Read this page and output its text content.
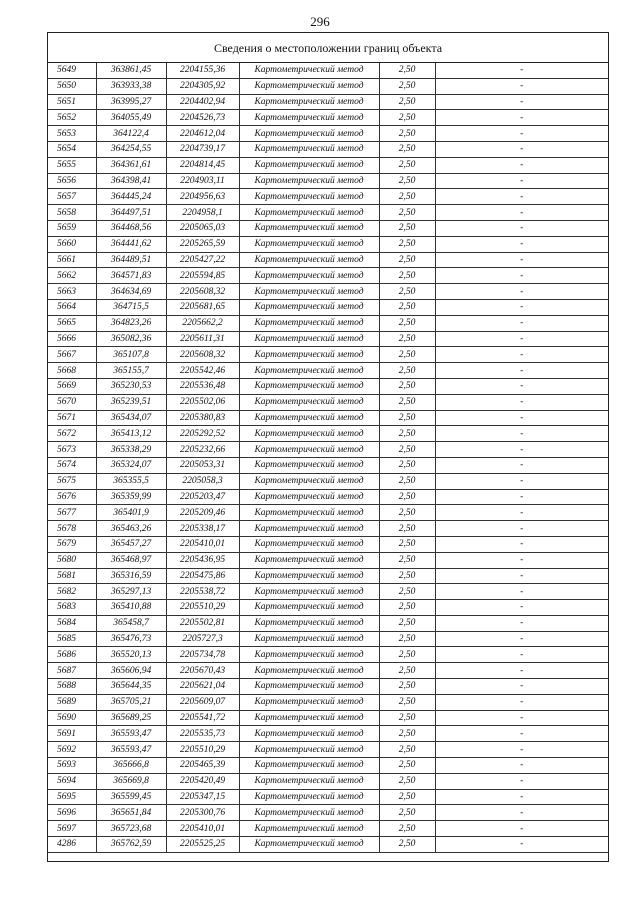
296
Сведения о местоположении границ объекта
5649	363861,45	2204155,36	Картометрический метод	2,50	-
5650	363933,38	2204305,92	Картометрический метод	2,50	-
5651	363995,27	2204402,94	Картометрический метод	2,50	-
5652	364055,49	2204526,73	Картометрический метод	2,50	-
5653	364122,4	2204612,04	Картометрический метод	2,50	-
5654	364254,55	2204739,17	Картометрический метод	2,50	-
5655	364361,61	2204814,45	Картометрический метод	2,50	-
5656	364398,41	2204903,11	Картометрический метод	2,50	-
5657	364445,24	2204956,63	Картометрический метод	2,50	-
5658	364497,51	2204958,1	Картометрический метод	2,50	-
5659	364468,56	2205065,03	Картометрический метод	2,50	-
5660	364441,62	2205265,59	Картометрический метод	2,50	-
5661	364489,51	2205427,22	Картометрический метод	2,50	-
5662	364571,83	2205594,85	Картометрический метод	2,50	-
5663	364634,69	2205608,32	Картометрический метод	2,50	-
5664	364715,5	2205681,65	Картометрический метод	2,50	-
5665	364823,26	2205662,2	Картометрический метод	2,50	-
5666	365082,36	2205611,31	Картометрический метод	2,50	-
5667	365107,8	2205608,32	Картометрический метод	2,50	-
5668	365155,7	2205542,46	Картометрический метод	2,50	-
5669	365230,53	2205536,48	Картометрический метод	2,50	-
5670	365239,51	2205502,06	Картометрический метод	2,50	-
5671	365434,07	2205380,83	Картометрический метод	2,50	-
5672	365413,12	2205292,52	Картометрический метод	2,50	-
5673	365338,29	2205232,66	Картометрический метод	2,50	-
5674	365324,07	2205053,31	Картометрический метод	2,50	-
5675	365355,5	2205058,3	Картометрический метод	2,50	-
5676	365359,99	2205203,47	Картометрический метод	2,50	-
5677	365401,9	2205209,46	Картометрический метод	2,50	-
5678	365463,26	2205338,17	Картометрический метод	2,50	-
5679	365457,27	2205410,01	Картометрический метод	2,50	-
5680	365468,97	2205436,95	Картометрический метод	2,50	-
5681	365316,59	2205475,86	Картометрический метод	2,50	-
5682	365297,13	2205538,72	Картометрический метод	2,50	-
5683	365410,88	2205510,29	Картометрический метод	2,50	-
5684	365458,7	2205502,81	Картометрический метод	2,50	-
5685	365476,73	2205727,3	Картометрический метод	2,50	-
5686	365520,13	2205734,78	Картометрический метод	2,50	-
5687	365606,94	2205670,43	Картометрический метод	2,50	-
5688	365644,35	2205621,04	Картометрический метод	2,50	-
5689	365705,21	2205609,07	Картометрический метод	2,50	-
5690	365689,25	2205541,72	Картометрический метод	2,50	-
5691	365593,47	2205535,73	Картометрический метод	2,50	-
5692	365593,47	2205510,29	Картометрический метод	2,50	-
5693	365666,8	2205465,39	Картометрический метод	2,50	-
5694	365669,8	2205420,49	Картометрический метод	2,50	-
5695	365599,45	2205347,15	Картометрический метод	2,50	-
5696	365651,84	2205300,76	Картометрический метод	2,50	-
5697	365723,68	2205410,01	Картометрический метод	2,50	-
4286	365762,59	2205525,25	Картометрический метод	2,50	-
